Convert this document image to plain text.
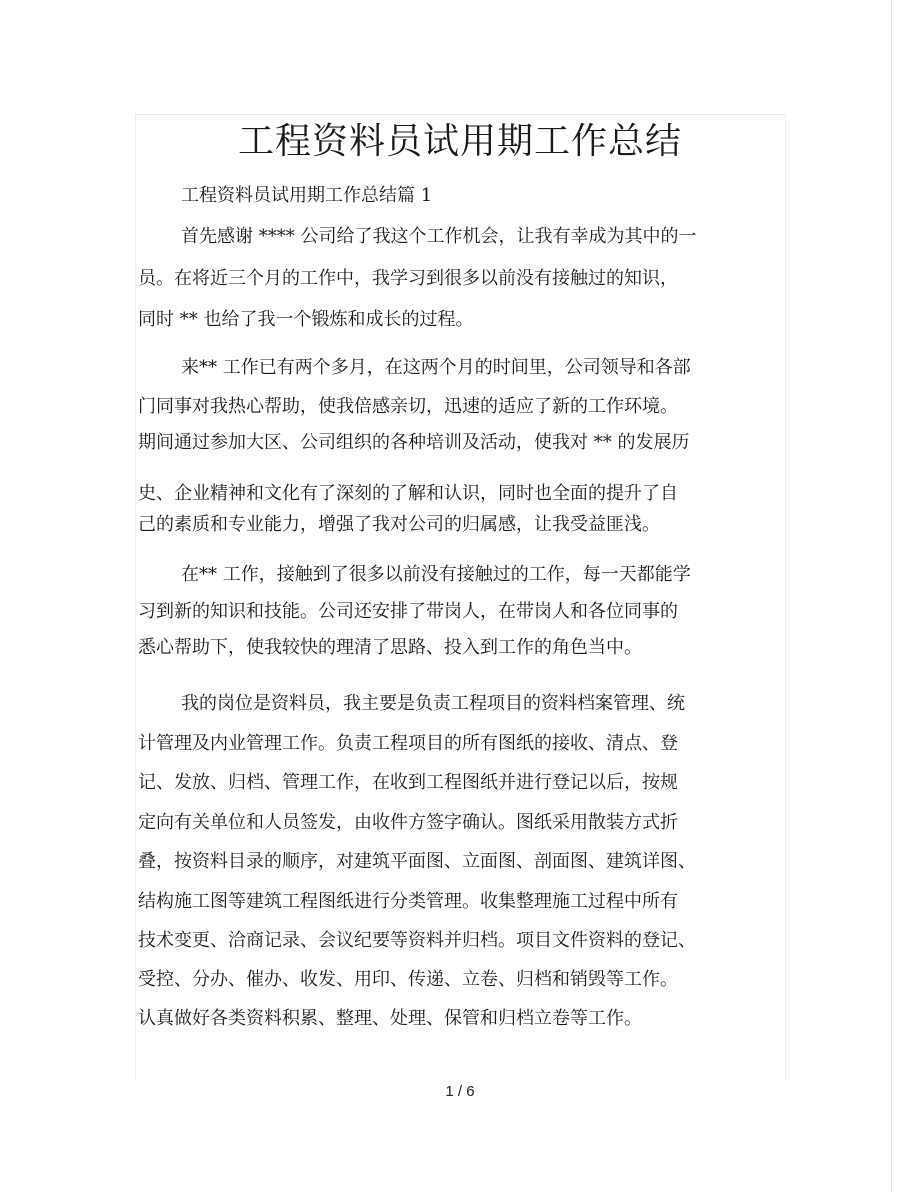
工程资料员试用期工作总结
工程资料员试用期工作总结篇 1
首先感谢 **** 公司给了我这个工作机会，让我有幸成为其中的一
员。在将近三个月的工作中，我学习到很多以前没有接触过的知识，
同时 ** 也给了我一个锻炼和成长的过程。
来** 工作已有两个多月，在这两个月的时间里，公司领导和各部
门同事对我热心帮助，使我倍感亲切，迅速的适应了新的工作环境。
期间通过参加大区、公司组织的各种培训及活动，使我对 ** 的发展历
史、企业精神和文化有了深刻的了解和认识，同时也全面的提升了自
己的素质和专业能力，增强了我对公司的归属感，让我受益匪浅。
在** 工作，接触到了很多以前没有接触过的工作，每一天都能学
习到新的知识和技能。公司还安排了带岗人，在带岗人和各位同事的
悉心帮助下，使我较快的理清了思路、投入到工作的角色当中。
我的岗位是资料员，我主要是负责工程项目的资料档案管理、统
计管理及内业管理工作。负责工程项目的所有图纸的接收、清点、登
记、发放、归档、管理工作，在收到工程图纸并进行登记以后，按规
定向有关单位和人员签发，由收件方签字确认。图纸采用散装方式折
叠，按资料目录的顺序，对建筑平面图、立面图、剖面图、建筑详图、
结构施工图等建筑工程图纸进行分类管理。收集整理施工过程中所有
技术变更、洽商记录、会议纪要等资料并归档。项目文件资料的登记、
受控、分办、催办、收发、用印、传递、立卷、归档和销毁等工作。
认真做好各类资料积累、整理、处理、保管和归档立卷等工作。
1 / 6
